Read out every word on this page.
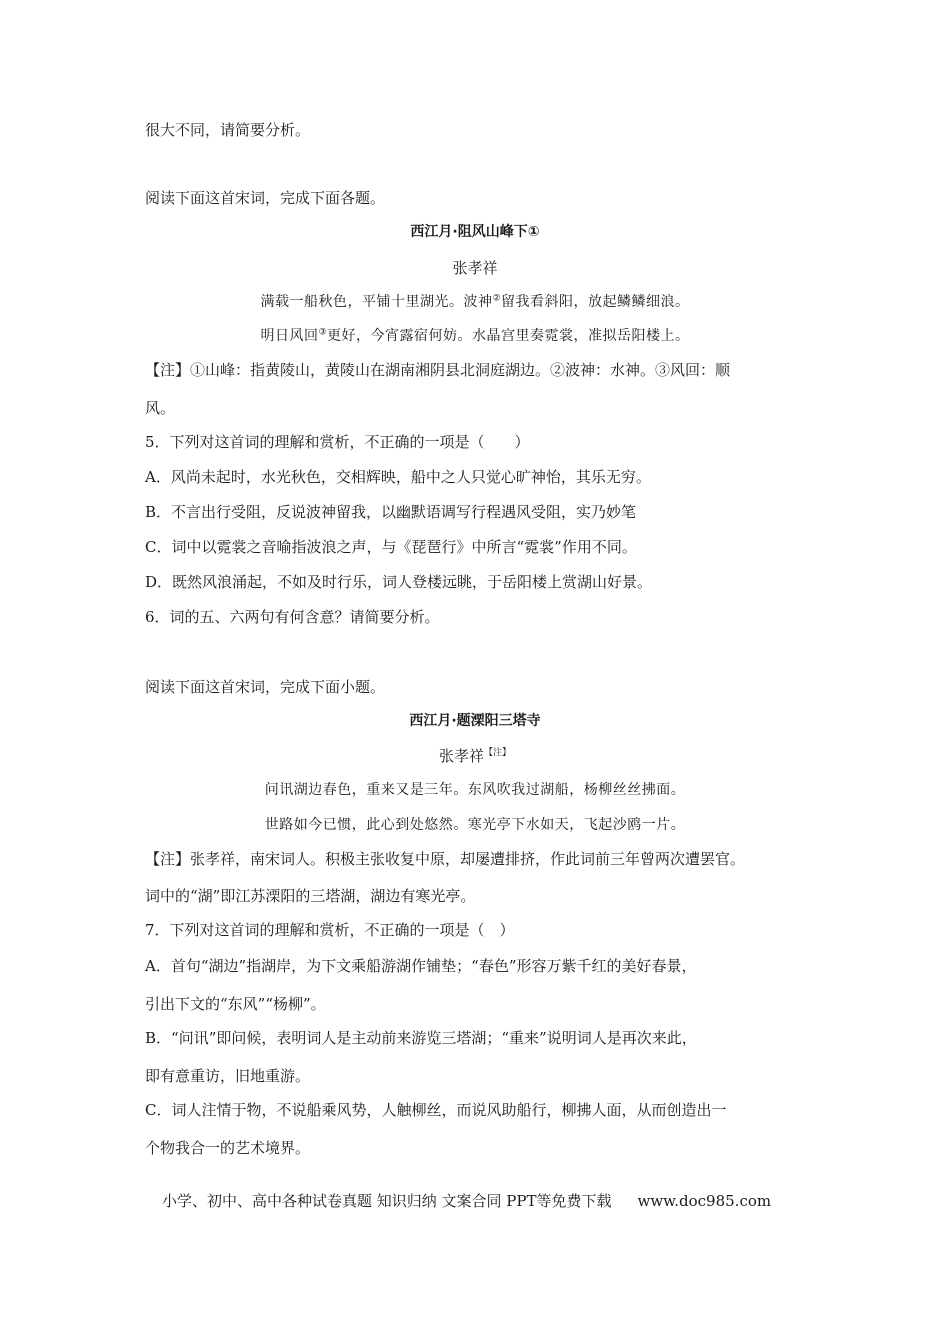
很大不同，请简要分析。
阅读下面这首宋词，完成下面各题。
西江月·阻风山峰下①
张孝祥
满载一船秋色，平铺十里湖光。波神②留我看斜阳，放起鳞鳞细浪。
明日风回③更好，今宵露宿何妨。水晶宫里奏霓裳，准拟岳阳楼上。
【注】①山峰：指黄陵山，黄陵山在湖南湘阴县北洞庭湖边。②波神：水神。③风回：顺
风。
5．下列对这首词的理解和赏析，不正确的一项是（　　）
A．风尚未起时，水光秋色，交相辉映，船中之人只觉心旷神怡，其乐无穷。
B．不言出行受阻，反说波神留我，以幽默语调写行程遇风受阻，实乃妙笔
C．词中以霓裳之音喻指波浪之声，与《琵琶行》中所言“霓裳”作用不同。
D．既然风浪涌起，不如及时行乐，词人登楼远眺，于岳阳楼上赏湖山好景。
6．词的五、六两句有何含意？请简要分析。
阅读下面这首宋词，完成下面小题。
西江月·题溧阳三塔寺
张孝祥$^{【注】}$
问讯湖边春色，重来又是三年。东风吹我过湖船，杨柳丝丝拂面。
世路如今已惯，此心到处悠然。寒光亭下水如天，飞起沙鸥一片。
【注】张孝祥，南宋词人。积极主张收复中原，却屡遭排挤，作此词前三年曾两次遭罢官。
词中的“湖”即江苏溧阳的三塔湖，湖边有寒光亭。
7．下列对这首词的理解和赏析，不正确的一项是（　）
A．首句“湖边”指湖岸，为下文乘船游湖作铺垫；“春色”形容万紫千红的美好春景，
引出下文的“东风”“杨柳”。
B．“问讯”即问候，表明词人是主动前来游览三塔湖；“重来”说明词人是再次来此，
即有意重访，旧地重游。
C．词人注情于物，不说船乘风势，人触柳丝，而说风助船行，柳拂人面，从而创造出一
个物我合一的艺术境界。
小学、初中、高中各种试卷真题 知识归纳 文案合同 PPT等免费下载 www.doc985.com
